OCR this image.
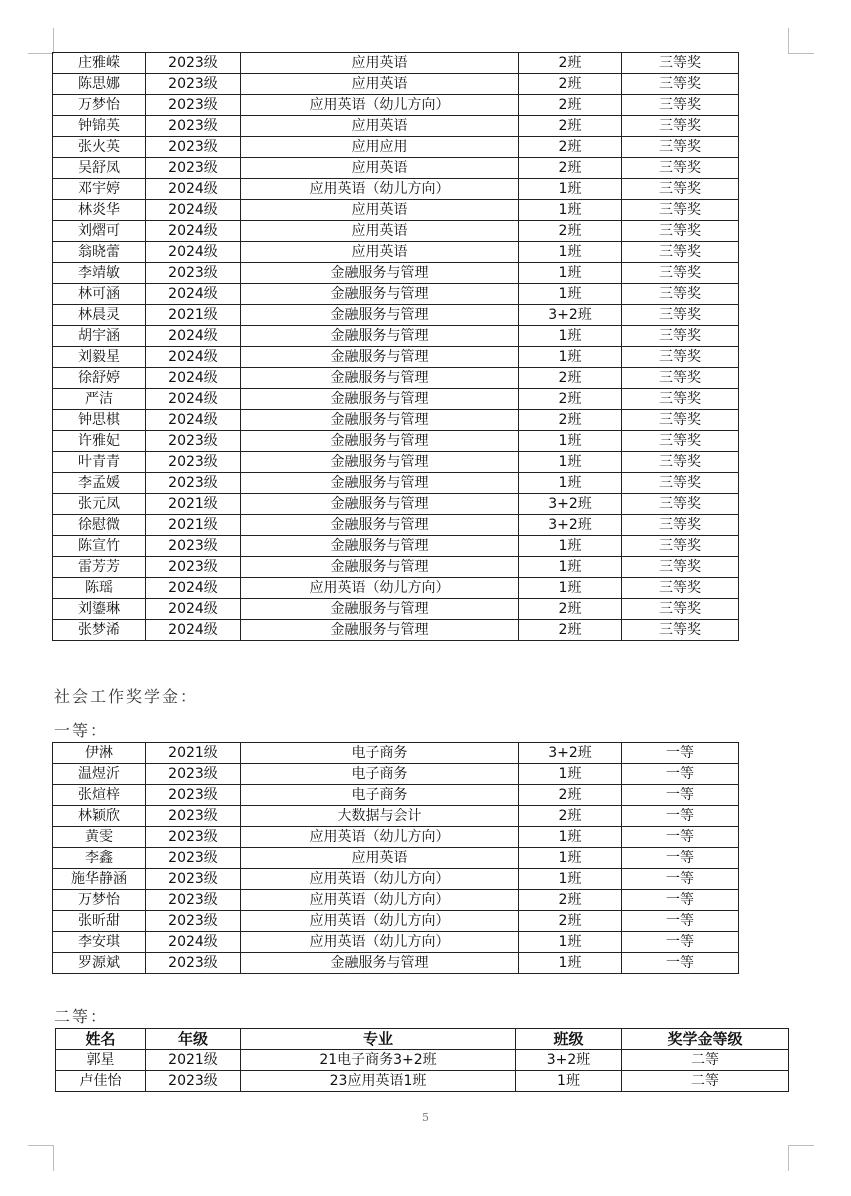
庄雅嵘	2023级	应用英语	2班	三等奖
陈思娜	2023级	应用英语	2班	三等奖
万梦怡	2023级	应用英语（幼儿方向）	2班	三等奖
钟锦英	2023级	应用英语	2班	三等奖
张火英	2023级	应用应用	2班	三等奖
吴舒凤	2023级	应用英语	2班	三等奖
邓宇婷	2024级	应用英语（幼儿方向）	1班	三等奖
林炎华	2024级	应用英语	1班	三等奖
刘熠可	2024级	应用英语	2班	三等奖
翁晓蕾	2024级	应用英语	1班	三等奖
李靖敏	2023级	金融服务与管理	1班	三等奖
林可涵	2024级	金融服务与管理	1班	三等奖
林晨灵	2021级	金融服务与管理	3+2班	三等奖
胡宇涵	2024级	金融服务与管理	1班	三等奖
刘毅星	2024级	金融服务与管理	1班	三等奖
徐舒婷	2024级	金融服务与管理	2班	三等奖
严洁	2024级	金融服务与管理	2班	三等奖
钟思棋	2024级	金融服务与管理	2班	三等奖
许雅妃	2023级	金融服务与管理	1班	三等奖
叶青青	2023级	金融服务与管理	1班	三等奖
李孟媛	2023级	金融服务与管理	1班	三等奖
张元凤	2021级	金融服务与管理	3+2班	三等奖
徐慰微	2021级	金融服务与管理	3+2班	三等奖
陈宣竹	2023级	金融服务与管理	1班	三等奖
雷芳芳	2023级	金融服务与管理	1班	三等奖
陈瑶	2024级	应用英语（幼儿方向）	1班	三等奖
刘鎏琳	2024级	金融服务与管理	2班	三等奖
张梦浠	2024级	金融服务与管理	2班	三等奖
社会工作奖学金：
一等：
伊淋	2021级	电子商务	3+2班	一等
温煜沂	2023级	电子商务	1班	一等
张煊梓	2023级	电子商务	2班	一等
林颖欣	2023级	大数据与会计	2班	一等
黄雯	2023级	应用英语（幼儿方向）	1班	一等
李鑫	2023级	应用英语	1班	一等
施华静涵	2023级	应用英语（幼儿方向）	1班	一等
万梦怡	2023级	应用英语（幼儿方向）	2班	一等
张昕甜	2023级	应用英语（幼儿方向）	2班	一等
李安琪	2024级	应用英语（幼儿方向）	1班	一等
罗源斌	2023级	金融服务与管理	1班	一等
二等：
姓名	年级	专业	班级	奖学金等级
郭星	2021级	21电子商务3+2班	3+2班	二等
卢佳怡	2023级	23应用英语1班	1班	二等
5
